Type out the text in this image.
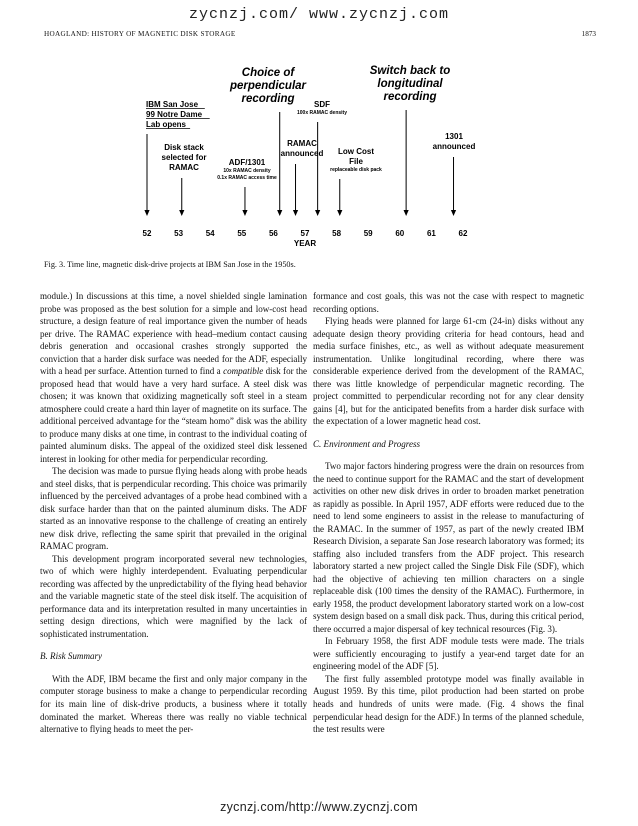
zycnzj.com/ www.zycnzj.com
HOAGLAND: HISTORY OF MAGNETIC DISK STORAGE	1873
Choice of
perpendicular
recording
Switch back to
longitudinal
recording
IBM San Jose
99 Notre Dame
Lab opens
Disk stack
selected for
RAMAC
ADF/1301
10x RAMAC density
0.1x RAMAC access time
RAMAC
announced
SDF
100x RAMAC density
Low Cost
File
replaceable disk pack
1301
announced
52	53	54	55	56	57	58	59	60	61	62
YEAR
Fig. 3. Time line, magnetic disk-drive projects at IBM San Jose in the 1950s.

module.) In discussions at this time, a novel shielded single lamination probe was proposed as the best solution for a simple and low-cost head structure, a design feature of real importance given the number of heads per drive. The RAMAC experience with head–medium contact causing debris generation and occasional crashes strongly supported the conviction that a harder disk surface was needed for the ADF, especially with a head per surface. Attention turned to find a compatible disk for the proposed head that would have a very hard surface. A steel disk was chosen; it was known that oxidizing magnetically soft steel in a steam atmosphere could create a hard thin layer of magnetite on its surface. The additional perceived advantage for the “steam homo” disk was the ability to produce many disks at one time, in contrast to the individual coating of painted aluminum disks. The appeal of the oxidized steel disk lessened interest in looking for other media for perpendicular recording.

The decision was made to pursue flying heads along with probe heads and steel disks, that is perpendicular recording. This choice was primarily influenced by the perceived advantages of a probe head combined with a disk surface harder than that on the painted aluminum disks. The ADF started as an innovative response to the challenge of creating an entirely new disk drive, reflecting the same spirit that prevailed in the original RAMAC program.

This development program incorporated several new technologies, two of which were highly interdependent. Evaluating perpendicular recording was affected by the unpredictability of the flying head behavior and the variable magnetic state of the steel disk itself. The acquisition of performance data and its interpretation resulted in many uncertainties in setting design directions, which were magnified by the lack of sophisticated instrumentation.

B. Risk Summary

With the ADF, IBM became the first and only major company in the computer storage business to make a change to perpendicular recording for its main line of disk-drive products, a business where it totally dominated the market. Whereas there was really no viable technical alternative to flying heads to meet the per-

formance and cost goals, this was not the case with respect to magnetic recording options.

Flying heads were planned for large 61-cm (24-in) disks without any adequate design theory providing criteria for head contours, head and media surface finishes, etc., as well as without adequate measurement instrumentation. Unlike longitudinal recording, where there was considerable experience derived from the development of the RAMAC, there was little knowledge of perpendicular magnetic recording. The project committed to perpendicular recording not for any clear density gains [4], but for the anticipated benefits from a harder disk surface with the expectation of a lower magnetic head cost.

C. Environment and Progress

Two major factors hindering progress were the drain on resources from the need to continue support for the RAMAC and the start of development activities on other new disk drives in order to broaden market penetration as rapidly as possible. In April 1957, ADF efforts were reduced due to the need to lend some engineers to assist in the release to manufacturing of the RAMAC. In the summer of 1957, as part of the newly created IBM Research Division, a separate San Jose research laboratory was formed; its staffing also included transfers from the ADF project. This research laboratory started a new project called the Single Disk File (SDF), which had the objective of achieving ten million characters on a single replaceable disk (100 times the density of the RAMAC). Furthermore, in early 1958, the product development laboratory started work on a low-cost system design based on a small disk pack. Thus, during this critical period, there occurred a major dispersal of key technical resources (Fig. 3).

In February 1958, the first ADF module tests were made. The trials were sufficiently encouraging to justify a year-end target date for an engineering model of the ADF [5].

The first fully assembled prototype model was finally available in August 1959. By this time, pilot production had been started on probe heads and hundreds of units were made. (Fig. 4 shows the final perpendicular head design for the ADF.) In terms of the planned schedule, the test results were

zycnzj.com/http://www.zycnzj.com
